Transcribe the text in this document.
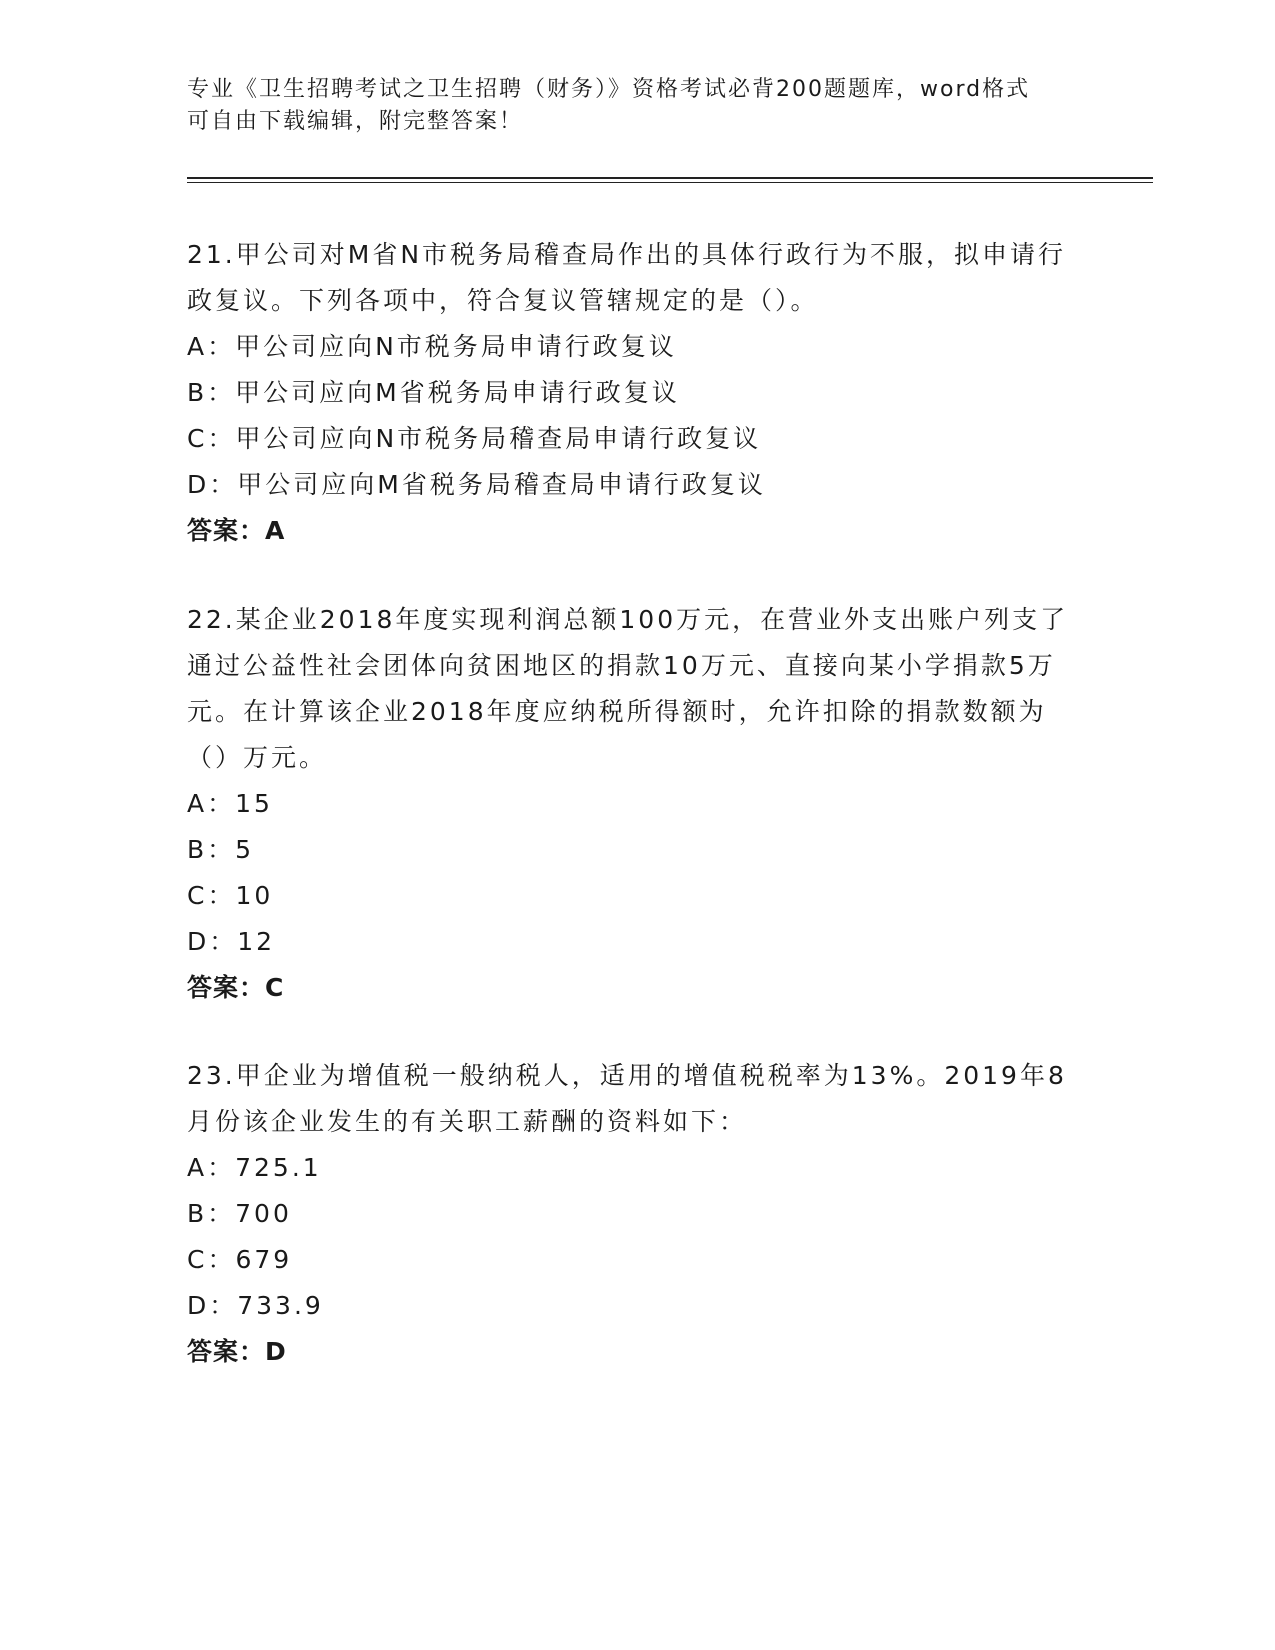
专业《卫生招聘考试之卫生招聘（财务）》资格考试必背200题题库，word格式
可自由下载编辑，附完整答案！

21.甲公司对M省N市税务局稽查局作出的具体行政行为不服，拟申请行政复议。下列各项中，符合复议管辖规定的是（）。

A：甲公司应向N市税务局申请行政复议

B：甲公司应向M省税务局申请行政复议

C：甲公司应向N市税务局稽查局申请行政复议

D：甲公司应向M省税务局稽查局申请行政复议

答案：A

22.某企业2018年度实现利润总额100万元，在营业外支出账户列支了通过公益性社会团体向贫困地区的捐款10万元、直接向某小学捐款5万元。在计算该企业2018年度应纳税所得额时，允许扣除的捐款数额为（）万元。

A：15

B：5

C：10

D：12

答案：C

23.甲企业为增值税一般纳税人，适用的增值税税率为13%。2019年8月份该企业发生的有关职工薪酬的资料如下：

A：725.1

B：700

C：679

D：733.9

答案：D
